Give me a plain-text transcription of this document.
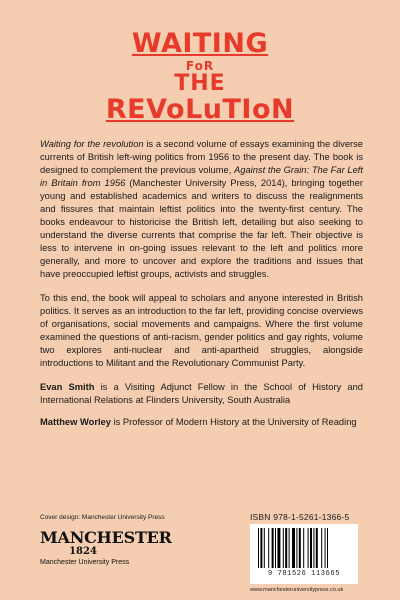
WAITING
FoR
THE
REVoLuTIoN

Waiting for the revolution is a second volume of essays examining the diverse currents of British left-wing politics from 1956 to the present day. The book is designed to complement the previous volume, Against the Grain: The Far Left in Britain from 1956 (Manchester University Press, 2014), bringing together young and established academics and writers to discuss the realignments and fissures that maintain leftist politics into the twenty-first century. The books endeavour to historicise the British left, detailing but also seeking to understand the diverse currents that comprise the far left. Their objective is less to intervene in on-going issues relevant to the left and politics more generally, and more to uncover and explore the traditions and issues that have preoccupied leftist groups, activists and struggles.

To this end, the book will appeal to scholars and anyone interested in British politics. It serves as an introduction to the far left, providing concise overviews of organisations, social movements and campaigns. Where the first volume examined the questions of anti-racism, gender politics and gay rights, volume two explores anti-nuclear and anti-apartheid struggles, alongside introductions to Militant and the Revolutionary Communist Party.

Evan Smith is a Visiting Adjunct Fellow in the School of History and International Relations at Flinders University, South Australia

Matthew Worley is Professor of Modern History at the University of Reading

Cover design: Manchester University Press	ISBN 978-1-5261-1366-5
MANCHESTER
1824
Manchester University Press
9 781526 113665
www.manchesteruniversitypress.co.uk
